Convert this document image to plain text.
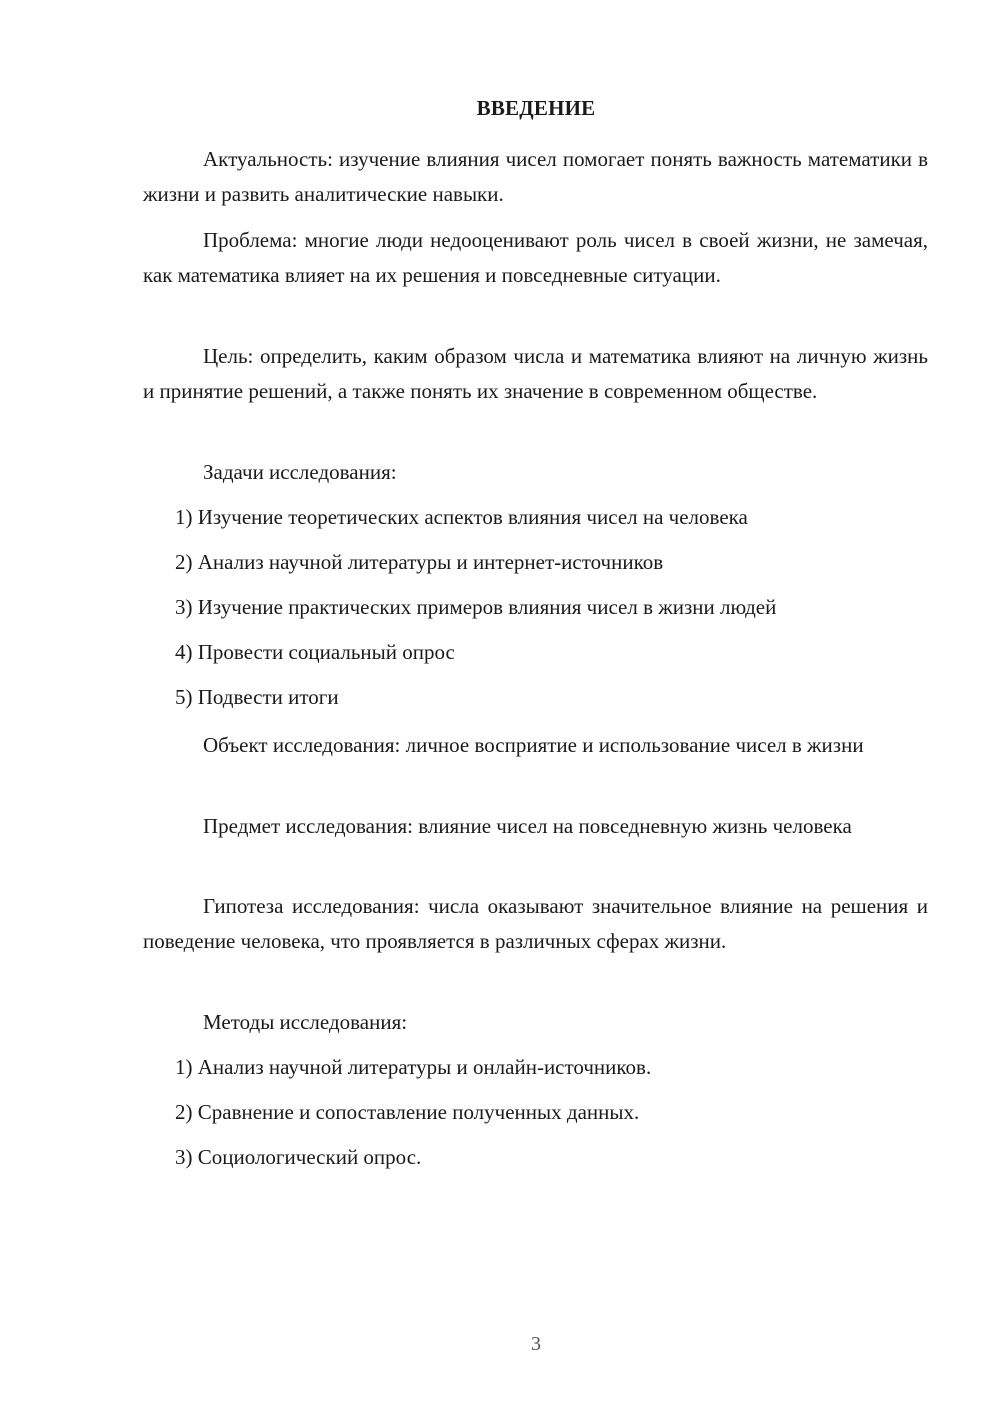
ВВЕДЕНИЕ

Актуальность: изучение влияния чисел помогает понять важность математики в жизни и развить аналитические навыки.

Проблема: многие люди недооценивают роль чисел в своей жизни, не замечая, как математика влияет на их решения и повседневные ситуации.

Цель: определить, каким образом числа и математика влияют на личную жизнь и принятие решений, а также понять их значение в современном обществе.

Задачи исследования:

1) Изучение теоретических аспектов влияния чисел на человека

2) Анализ научной литературы и интернет-источников

3) Изучение практических примеров влияния чисел в жизни людей

4) Провести социальный опрос

5) Подвести итоги

Объект исследования: личное восприятие и использование чисел в жизни

Предмет исследования: влияние чисел на повседневную жизнь человека

Гипотеза исследования: числа оказывают значительное влияние на решения и поведение человека, что проявляется в различных сферах жизни.

Методы исследования:

1) Анализ научной литературы и онлайн-источников.

2) Сравнение и сопоставление полученных данных.

3) Социологический опрос.

3
